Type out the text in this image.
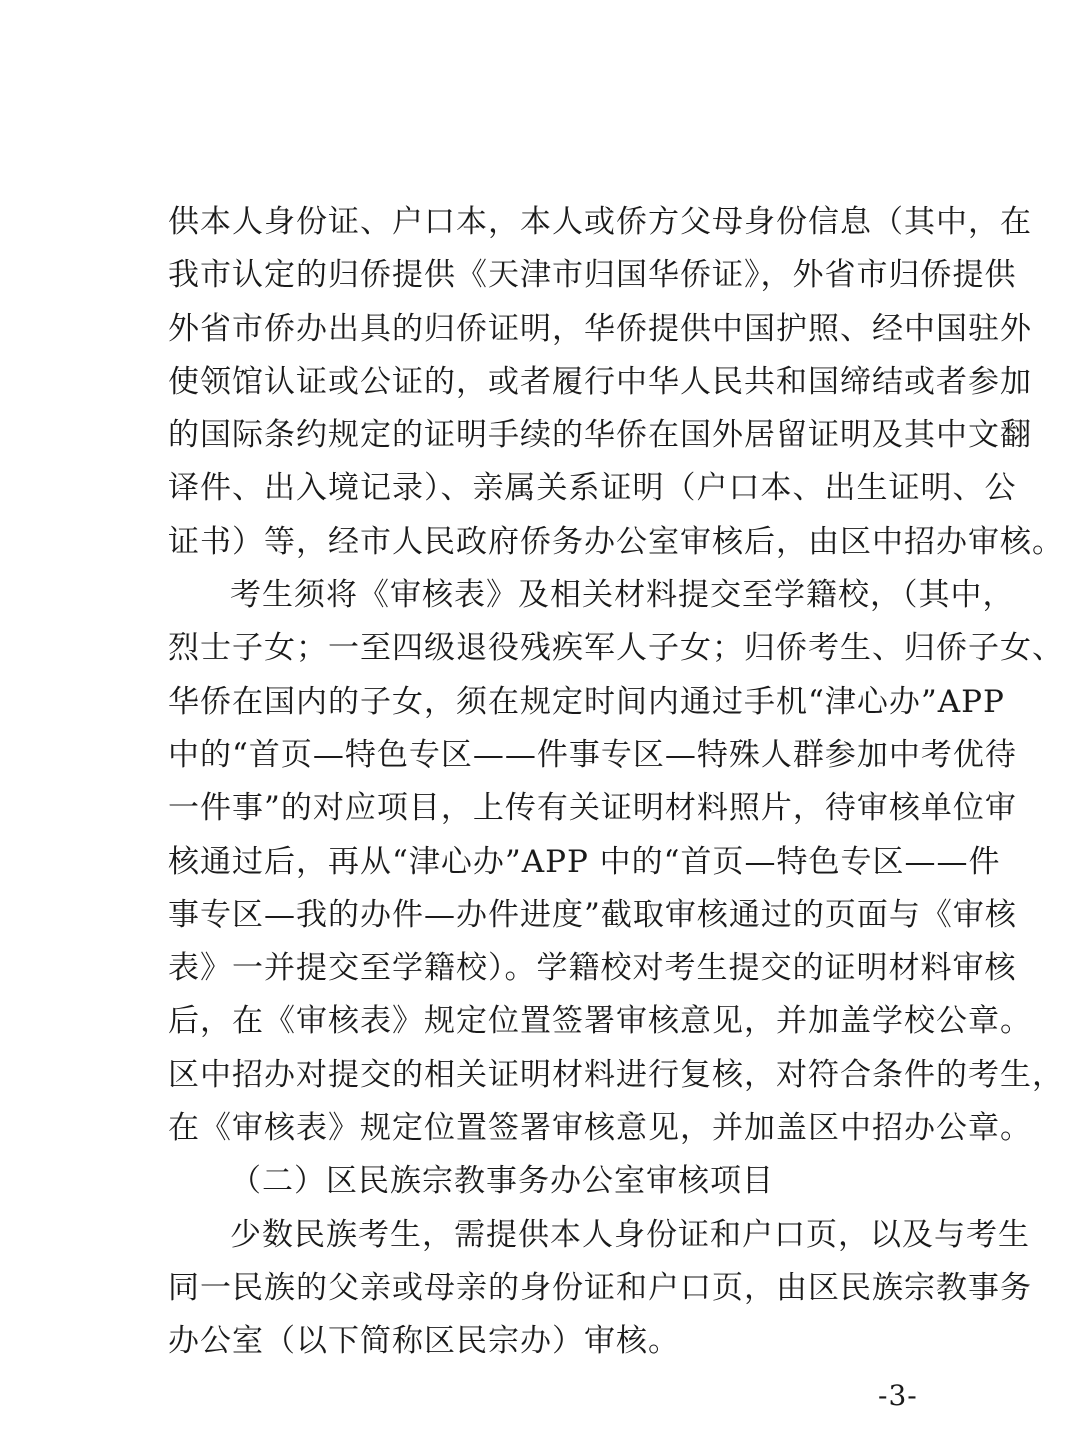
供本人身份证、户口本，本人或侨方父母身份信息（其中，在
我市认定的归侨提供《天津市归国华侨证》，外省市归侨提供
外省市侨办出具的归侨证明，华侨提供中国护照、经中国驻外
使领馆认证或公证的，或者履行中华人民共和国缔结或者参加
的国际条约规定的证明手续的华侨在国外居留证明及其中文翻
译件、出入境记录）、亲属关系证明（户口本、出生证明、公
证书）等，经市人民政府侨务办公室审核后，由区中招办审核。
考生须将《审核表》及相关材料提交至学籍校，（其中，
烈士子女；一至四级退役残疾军人子女；归侨考生、归侨子女、
华侨在国内的子女，须在规定时间内通过手机“津心办”APP
中的“首页—特色专区——件事专区—特殊人群参加中考优待
一件事”的对应项目，上传有关证明材料照片，待审核单位审
核通过后，再从“津心办”APP 中的“首页—特色专区——件
事专区—我的办件—办件进度”截取审核通过的页面与《审核
表》一并提交至学籍校）。学籍校对考生提交的证明材料审核
后，在《审核表》规定位置签署审核意见，并加盖学校公章。
区中招办对提交的相关证明材料进行复核，对符合条件的考生，
在《审核表》规定位置签署审核意见，并加盖区中招办公章。
（二）区民族宗教事务办公室审核项目
少数民族考生，需提供本人身份证和户口页，以及与考生
同一民族的父亲或母亲的身份证和户口页，由区民族宗教事务
办公室（以下简称区民宗办）审核。
-3-
